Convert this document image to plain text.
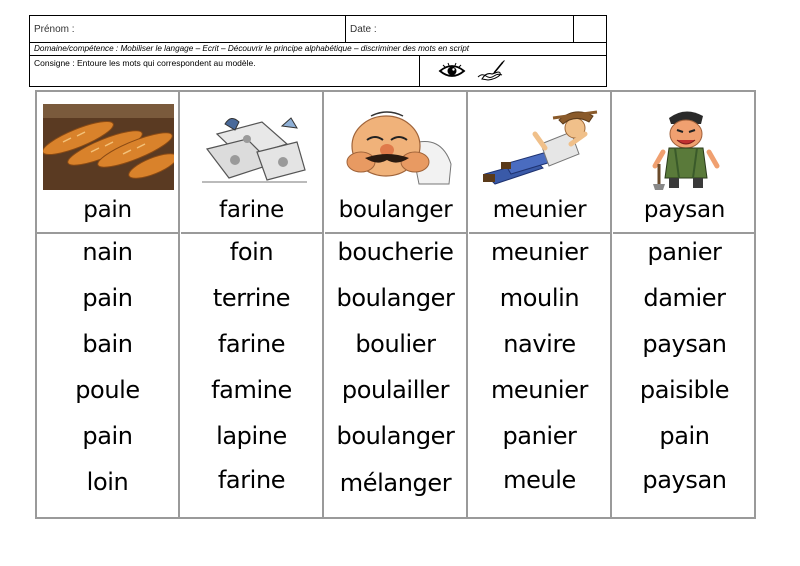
Prénom :	Date :
Domaine/compétence : Mobiliser le langage – Ecrit – Découvrir le principe alphabétique – discriminer des mots en script
Consigne : Entoure les mots qui correspondent au modèle.
pain
nain
pain
bain
poule
pain
loin
farine
foin
terrine
farine
famine
lapine
farine
boulanger
boucherie
boulanger
boulier
poulailler
boulanger
mélanger
meunier
meunier
moulin
navire
meunier
panier
meule
paysan
panier
damier
paysan
paisible
pain
paysan
